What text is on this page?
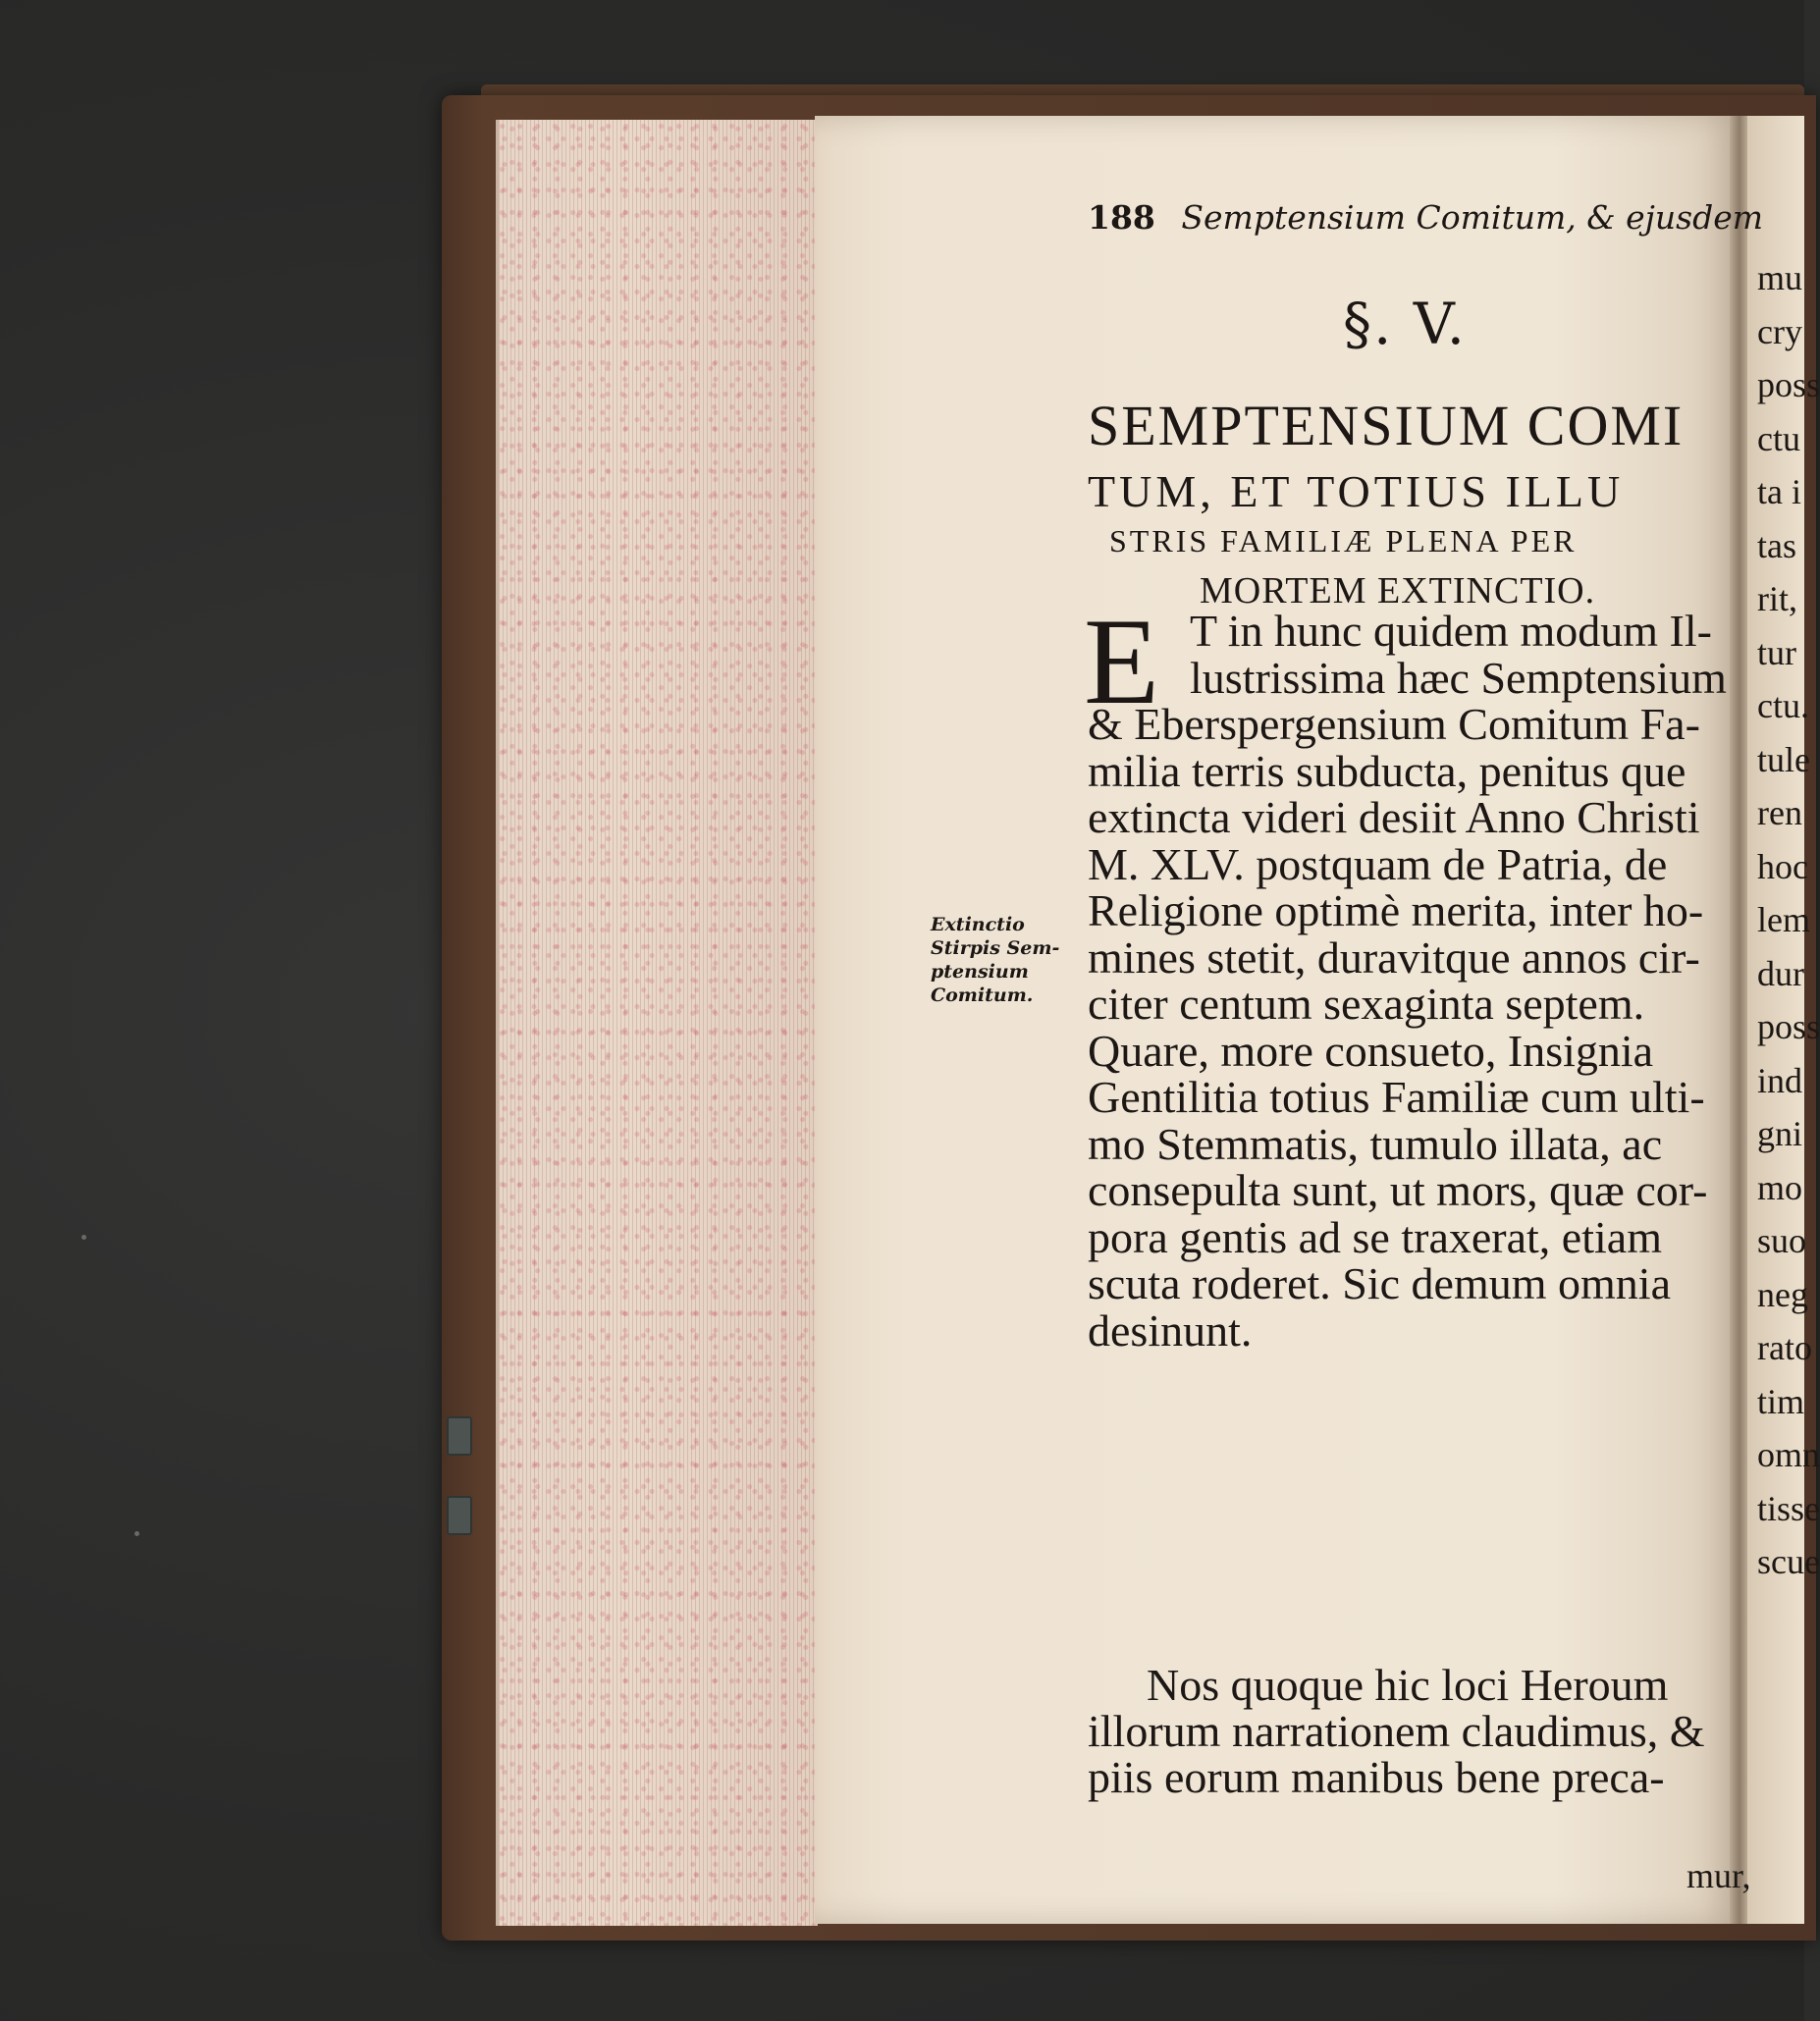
188 Semptensium Comitum, & ejusdem
§. V.
SEMPTENSIUM COMI
TUM, ET TOTIUS ILLU
STRIS FAMILIÆ PLENA PER
MORTEM EXTINCTIO.
E T in hunc quidem modum Il-
lustrissima hæc Semptensium
& Eberspergensium Comitum Fa-
milia terris subducta, penitus que
extincta videri desiit Anno Christi
M. XLV. postquam de Patria, de
Religione optimè merita, inter ho-
mines stetit, duravitque annos cir-
citer centum sexaginta septem.
Quare, more consueto, Insignia
Gentilitia totius Familiæ cum ulti-
mo Stemmatis, tumulo illata, ac
consepulta sunt, ut mors, quæ cor-
pora gentis ad se traxerat, etiam
scuta roderet. Sic demum omnia
desinunt.
Nos quoque hic loci Heroum
illorum narrationem claudimus, &
piis eorum manibus bene preca-
Extinctio
Stirpis Sem-
ptensium
Comitum.
mur,
mu
cry
poss
ctu
ta i
tas
rit,
tur
ctu.
tule
ren
hoc
lem
dur
poss
ind
gni
mo
suo
neg
rato
tim
omn
tisse
scue
